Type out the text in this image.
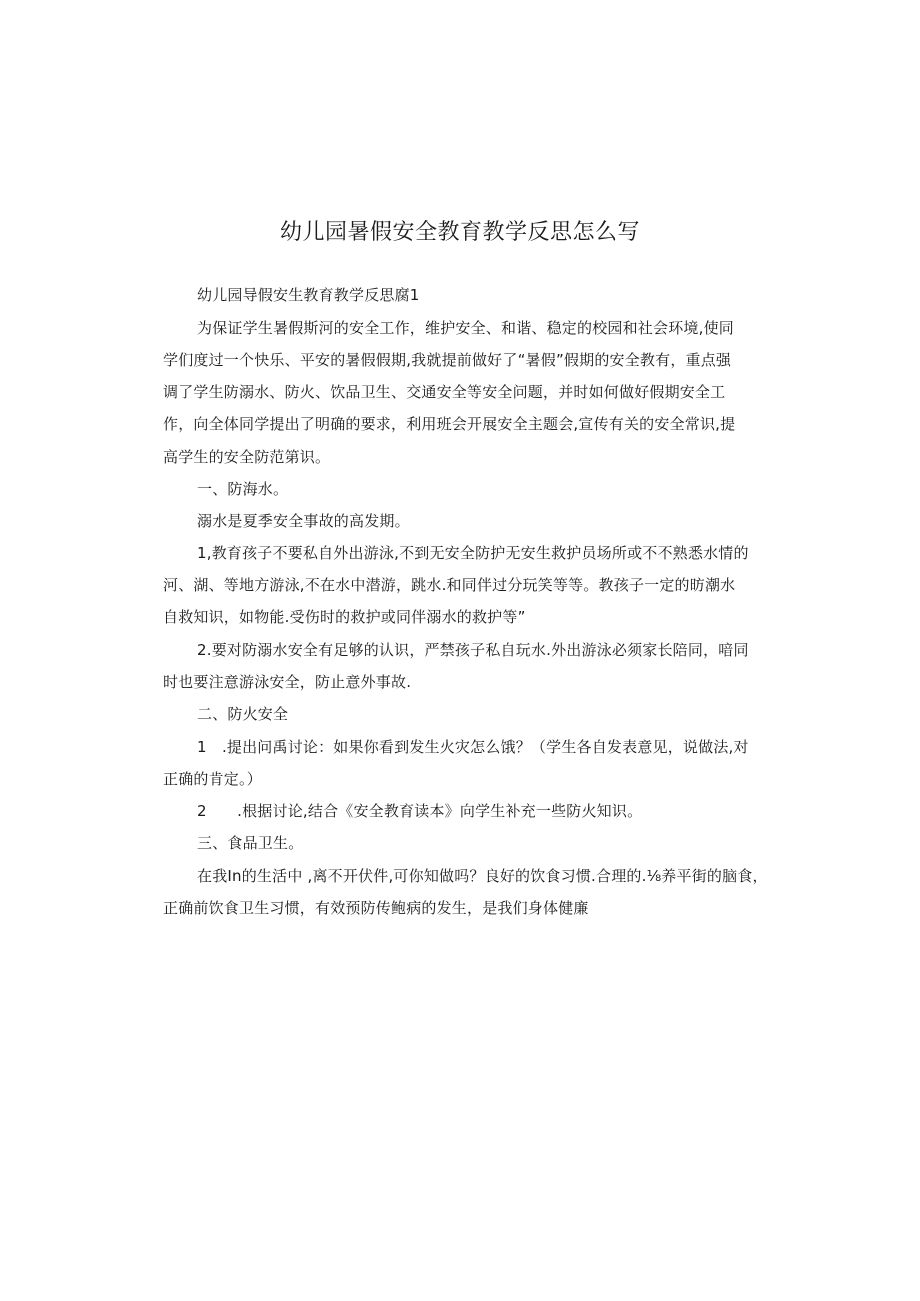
幼儿园暑假安全教育教学反思怎么写
幼儿园导假安生教育教学反思腐1
为保证学生暑假斯河的安全工作，维护安全、和谐、稳定的校园和社会环境,使同
学们度过一个快乐、平安的暑假假期,我就提前做好了“暑假”假期的安全教有，重点强
调了学生防溺水、防火、饮品卫生、交通安全等安全问题，并时如何做好假期安全工
作，向全体同学提出了明确的要求，利用班会开展安全主题会,宣传有关的安全常识,提
高学生的安全防范第识。
一、防海水。
溺水是夏季安全事故的高发期。
1,教育孩子不要私自外出游泳,不到无安全防护无安生救护员场所或不不熟悉水情的
河、湖、等地方游泳,不在水中潜游，跳水.和同伴过分玩笑等等。教孩子一定的昉潮水
自救知识，如物能.受伤时的救护或同伴溺水的救护等”
2.要对防溺水安全有足够的认识，严禁孩子私自玩水.外出游泳必须家长陪同，喑同
时也要注意游泳安全，防止意外事故.
二、防火安全
1　.提出问禹讨论：如果你看到发生火灾怎么饿？（学生各自发表意见，说做法,对
正确的肯定。）
2　　.根据讨论,结合《安全教育读本》向学生补充一些防火知识。
三、食品卫生。
在我In的生活中 ,离不开伏件,可你知做吗？良好的饮食习惯.合理的.⅛养平街的脑食，
正确前饮食卫生习惯，有效预防传鲍病的发生，是我们身体健廉
